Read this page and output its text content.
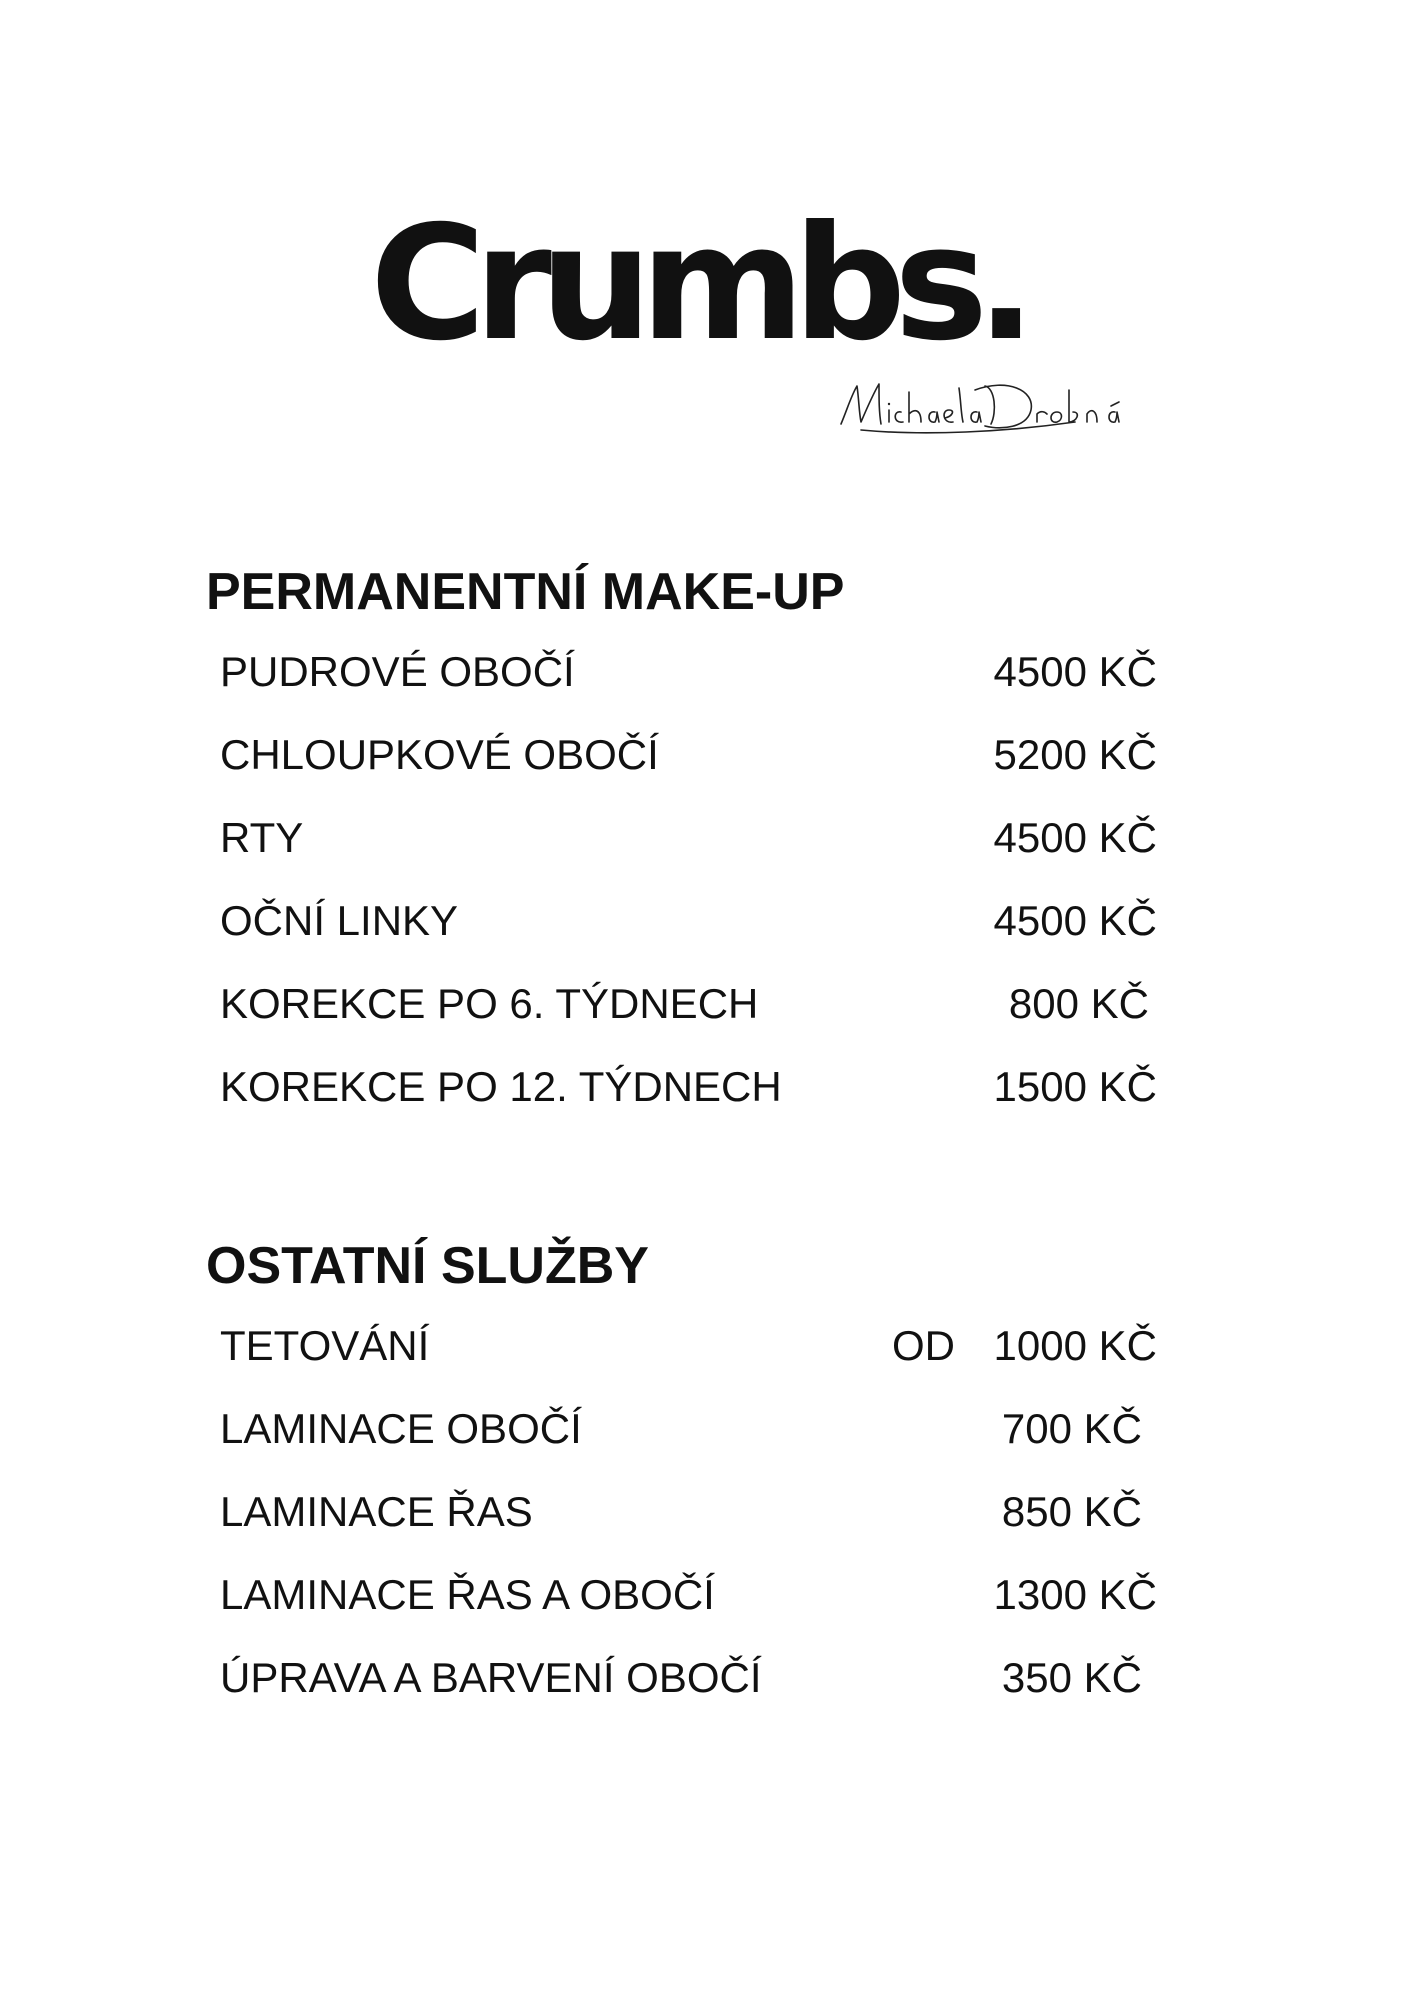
Crumbs.
PERMANENTNÍ MAKE-UP
PUDROVÉ OBOČÍ	4500 KČ
CHLOUPKOVÉ OBOČÍ	5200 KČ
RTY	4500 KČ
OČNÍ LINKY	4500 KČ
KOREKCE PO 6. TÝDNECH	800 KČ
KOREKCE PO 12. TÝDNECH	1500 KČ
OSTATNÍ SLUŽBY
TETOVÁNÍ	OD 1000 KČ
LAMINACE OBOČÍ	700 KČ
LAMINACE ŘAS	850 KČ
LAMINACE ŘAS A OBOČÍ	1300 KČ
ÚPRAVA A BARVENÍ OBOČÍ	350 KČ
